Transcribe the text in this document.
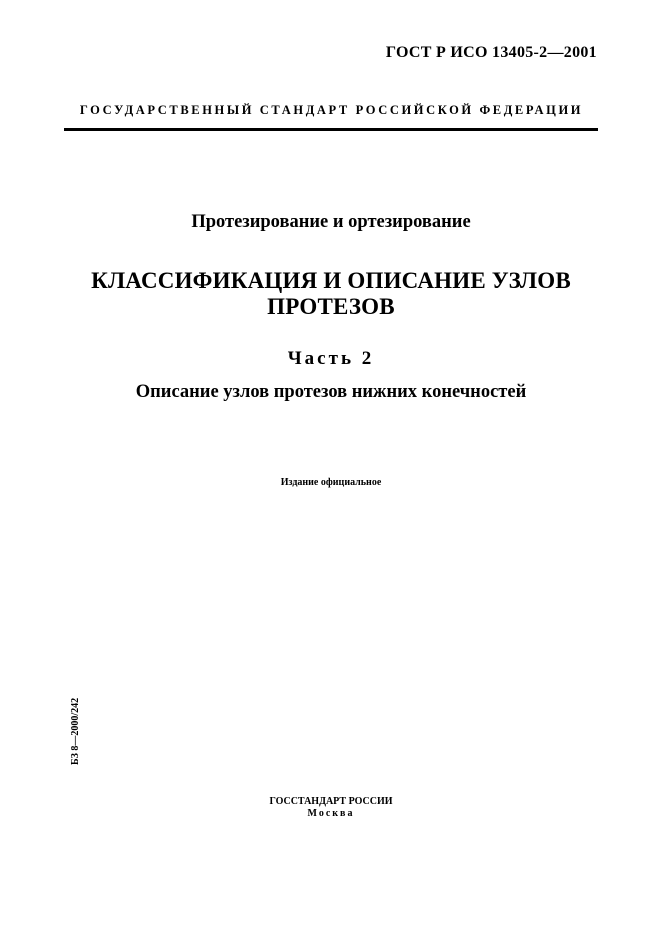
ГОСТ Р ИСО 13405-2—2001
ГОСУДАРСТВЕННЫЙ СТАНДАРТ РОССИЙСКОЙ ФЕДЕРАЦИИ
Протезирование и ортезирование
КЛАССИФИКАЦИЯ И ОПИСАНИЕ УЗЛОВ
ПРОТЕЗОВ
Часть 2
Описание узлов протезов нижних конечностей
Издание официальное
БЗ 8—2000/242
ГОССТАНДАРТ РОССИИ
Москва
